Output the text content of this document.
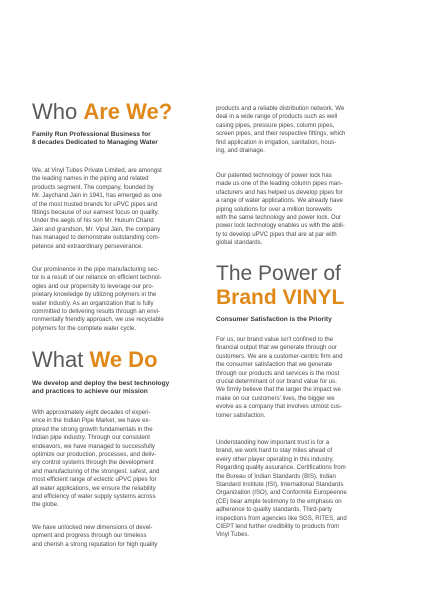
Who Are We?
Family Run Professional Business for
8 decades Dedicated to Managing Water
We, at Vinyl Tubes Private Limited, are amongst
the leading names in the piping and related
products segment. The company, founded by
Mr. Jaychand Jain in 1941, has emerged as one
of the most trusted brands for uPVC pipes and
fittings because of our earnest focus on quality.
Under the aegis of his son Mr. Hukum Chand
Jain and grandson, Mr. Vipul Jain, the company
has managed to demonstrate outstanding com-
petence and extraordinary perseverance.
Our prominence in the pipe manufacturing sec-
tor is a result of our reliance on efficient technol-
ogies and our propensity to leverage our pro-
prietary knowledge by utilizing polymers in the
water industry. As an organization that is fully
committed to delivering results through an envi-
ronmentally friendly approach, we use recyclable
polymers for the complete water cycle.
What We Do
We develop and deploy the best technology
and practices to achieve our mission
With approximately eight decades of experi-
ence in the Indian Pipe Market, we have ex-
plored the strong growth fundamentals in the
Indian pipe industry. Through our consistent
endeavors, we have managed to successfully
optimize our production, processes, and deliv-
ery control systems through the development
and manufacturing of the strongest, safest, and
most efficient range of eclectic uPVC pipes for
all water applications, we ensure the reliability
and efficiency of water supply systems across
the globe.
We have unlocked new dimensions of devel-
opment and progress through our timeless
and cherish a strong reputation for high quality
products and a reliable distribution network. We
deal in a wide range of products such as well
casing pipes, pressure pipes, column pipes,
screen pipes, and their respective fittings, which
find application in irrigation, sanitation, hous-
ing, and drainage.
Our patented technology of power lock has
made us one of the leading column pipes man-
ufacturers and has helped us develop pipes for
a range of water applications. We already have
piping solutions for over a million borewells
with the same technology and power lock. Our
power lock technology enables us with the abili-
ty to develop uPVC pipes that are at par with
global standards.
The Power of
Brand VINYL
Consumer Satisfaction is the Priority
For us, our brand value isn't confined to the
financial output that we generate through our
customers. We are a customer-centric firm and
the consumer satisfaction that we generate
through our products and services is the most
crucial determinant of our brand value for us.
We firmly believe that the larger the impact we
make on our customers' lives, the bigger we
evolve as a company that involves utmost cus-
tomer satisfaction.
Understanding how important trust is for a
brand, we work hard to stay miles ahead of
every other player operating in this industry.
Regarding quality assurance, Certifications from
the Bureau of Indian Standards (BIS), Indian
Standard Institute (ISI), International Standards
Organization (ISO), and Conformité Européenne
(CE) bear ample testimony to the emphasis on
adherence to quality standards. Third-party
inspections from agencies like SGS, RITES, and
CIEPT lend further credibility to products from
Vinyl Tubes.
